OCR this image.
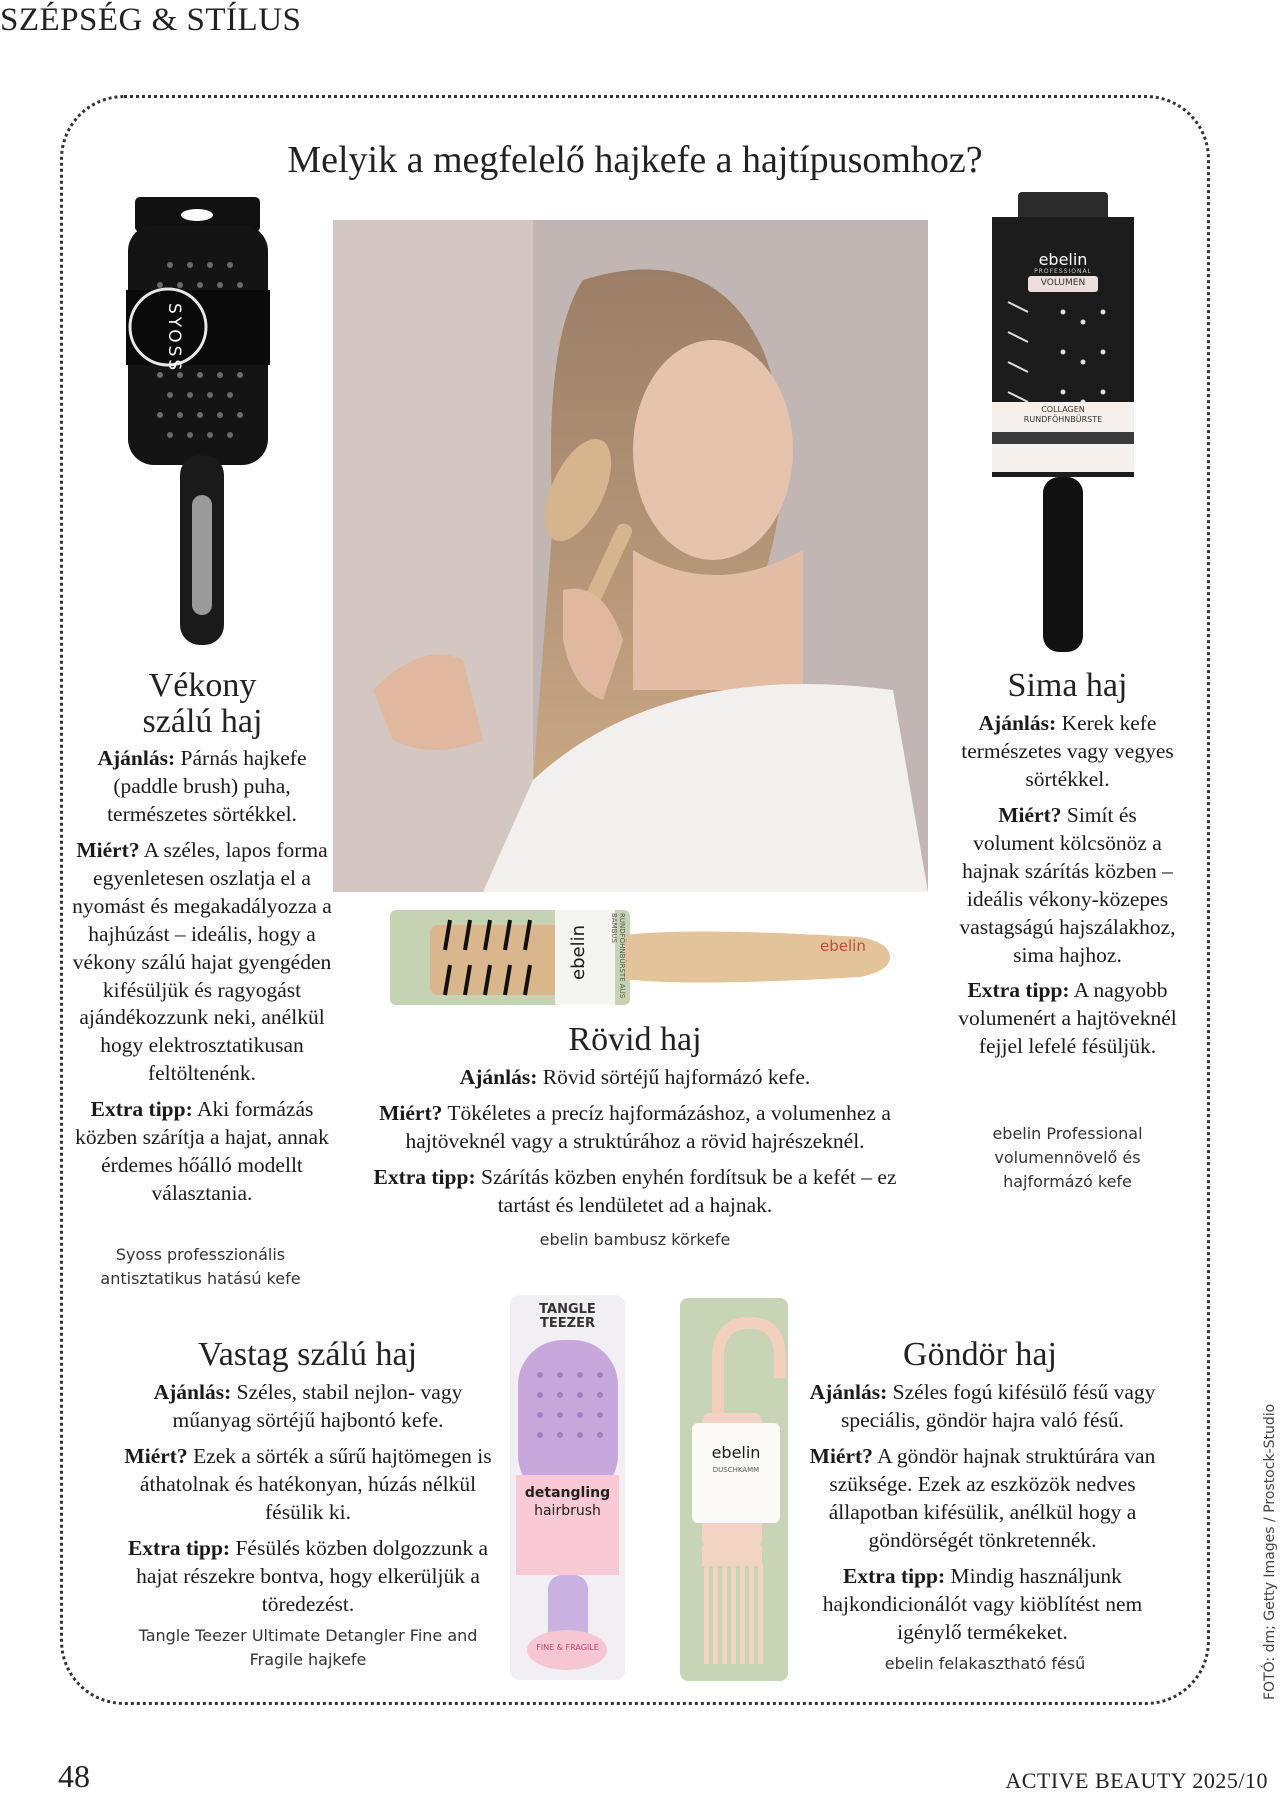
SZÉPSÉG & STÍLUS
Melyik a megfelelő hajkefe a hajtípusomhoz?
SYOSS
ebelin
PROFESSIONAL
VOLUMEN
COLLAGEN
RUNDFÖHNBÜRSTE
Vékony
szálú haj

Ajánlás: Párnás hajkefe (paddle brush) puha, természetes sörtékkel.

Miért? A széles, lapos forma egyenletesen oszlatja el a nyomást és megakadályozza a hajhúzást – ideális, hogy a vékony szálú hajat gyengéden kifésüljük és ragyogást ajándékozzunk neki, anélkül hogy elektrosztatikusan feltöltenénk.

Extra tipp: Aki formázás közben szárítja a hajat, annak érdemes hőálló modellt választania.

Syoss professzionális antisztatikus hatású kefe
Sima haj

Ajánlás: Kerek kefe természetes vagy vegyes sörtékkel.

Miért? Simít és volument kölcsönöz a hajnak szárítás közben – ideális vékony-közepes vastagságú hajszálakhoz, sima hajhoz.

Extra tipp: A nagyobb volumenért a hajtöveknél fejjel lefelé fésüljük.

ebelin Professional volumennövelő és hajformázó kefe
RUNDFÖHNBÜRSTE AUS BAMBUS
ebelin	ebelin
Rövid haj

Ajánlás: Rövid sörtéjű hajformázó kefe.

Miért? Tökéletes a precíz hajformázáshoz, a volumenhez a hajtöveknél vagy a struktúrához a rövid hajrészeknél.

Extra tipp: Szárítás közben enyhén fordítsuk be a kefét – ez tartást és lendületet ad a hajnak.

ebelin bambusz körkefe
TANGLE TEEZER
detangling
hairbrush
FINE & FRAGILE
ebelin
DUSCHKAMM
Vastag szálú haj

Ajánlás: Széles, stabil nejlon- vagy műanyag sörtéjű hajbontó kefe.

Miért? Ezek a sörték a sűrű hajtömegen is áthatolnak és hatékonyan, húzás nélkül fésülik ki.

Extra tipp: Fésülés közben dolgozzunk a hajat részekre bontva, hogy elkerüljük a töredezést.

Tangle Teezer Ultimate Detangler Fine and Fragile hajkefe
Göndör haj

Ajánlás: Széles fogú kifésülő fésű vagy speciális, göndör hajra való fésű.

Miért? A göndör hajnak struktúrára van szüksége. Ezek az eszközök nedves állapotban kifésülik, anélkül hogy a göndörségét tönkretennék.

Extra tipp: Mindig használjunk hajkondicionálót vagy kiöblítést nem igénylő termékeket.

ebelin felakasztható fésű	FOTÓ: dm; Getty Images / Prostock-Studio
48	ACTIVE BEAUTY 2025/10
